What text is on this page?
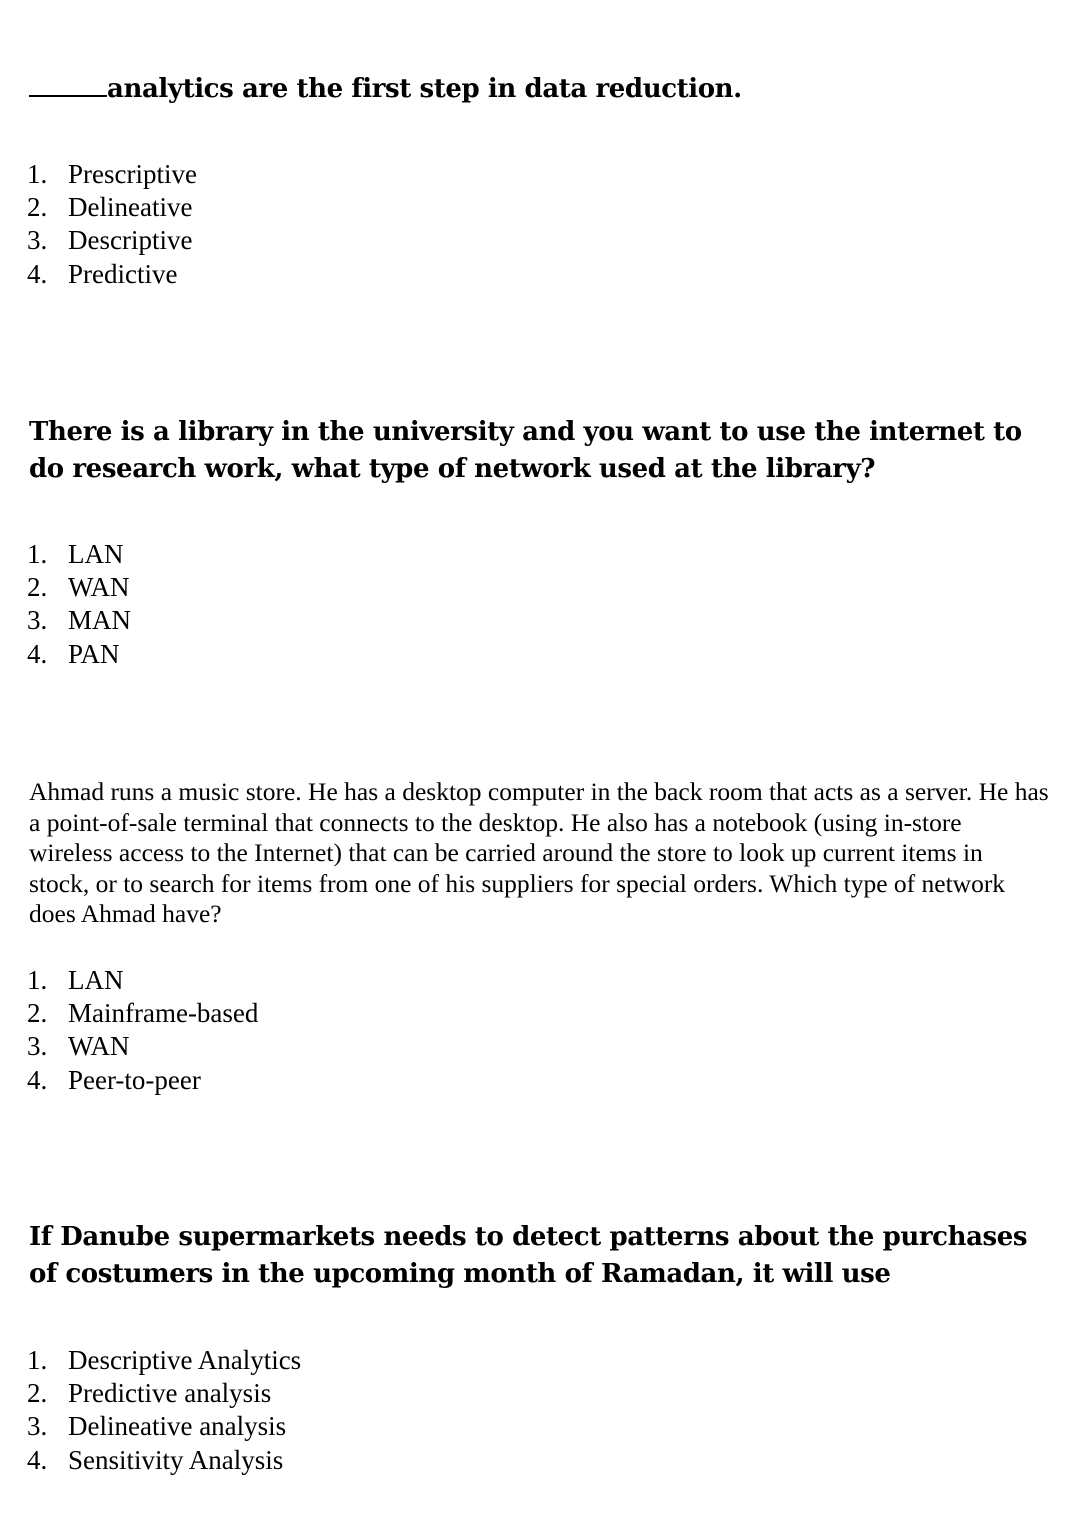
analytics are the first step in data reduction.
1. Prescriptive
2. Delineative
3. Descriptive
4. Predictive
There is a library in the university and you want to use the internet to do research work, what type of network used at the library?
1. LAN
2. WAN
3. MAN
4. PAN
Ahmad runs a music store. He has a desktop computer in the back room that acts as a server. He has a point-of-sale terminal that connects to the desktop. He also has a notebook (using in-store wireless access to the Internet) that can be carried around the store to look up current items in stock, or to search for items from one of his suppliers for special orders. Which type of network does Ahmad have?
1. LAN
2. Mainframe-based
3. WAN
4. Peer-to-peer
If Danube supermarkets needs to detect patterns about the purchases of costumers in the upcoming month of Ramadan, it will use
1. Descriptive Analytics
2. Predictive analysis
3. Delineative analysis
4. Sensitivity Analysis
